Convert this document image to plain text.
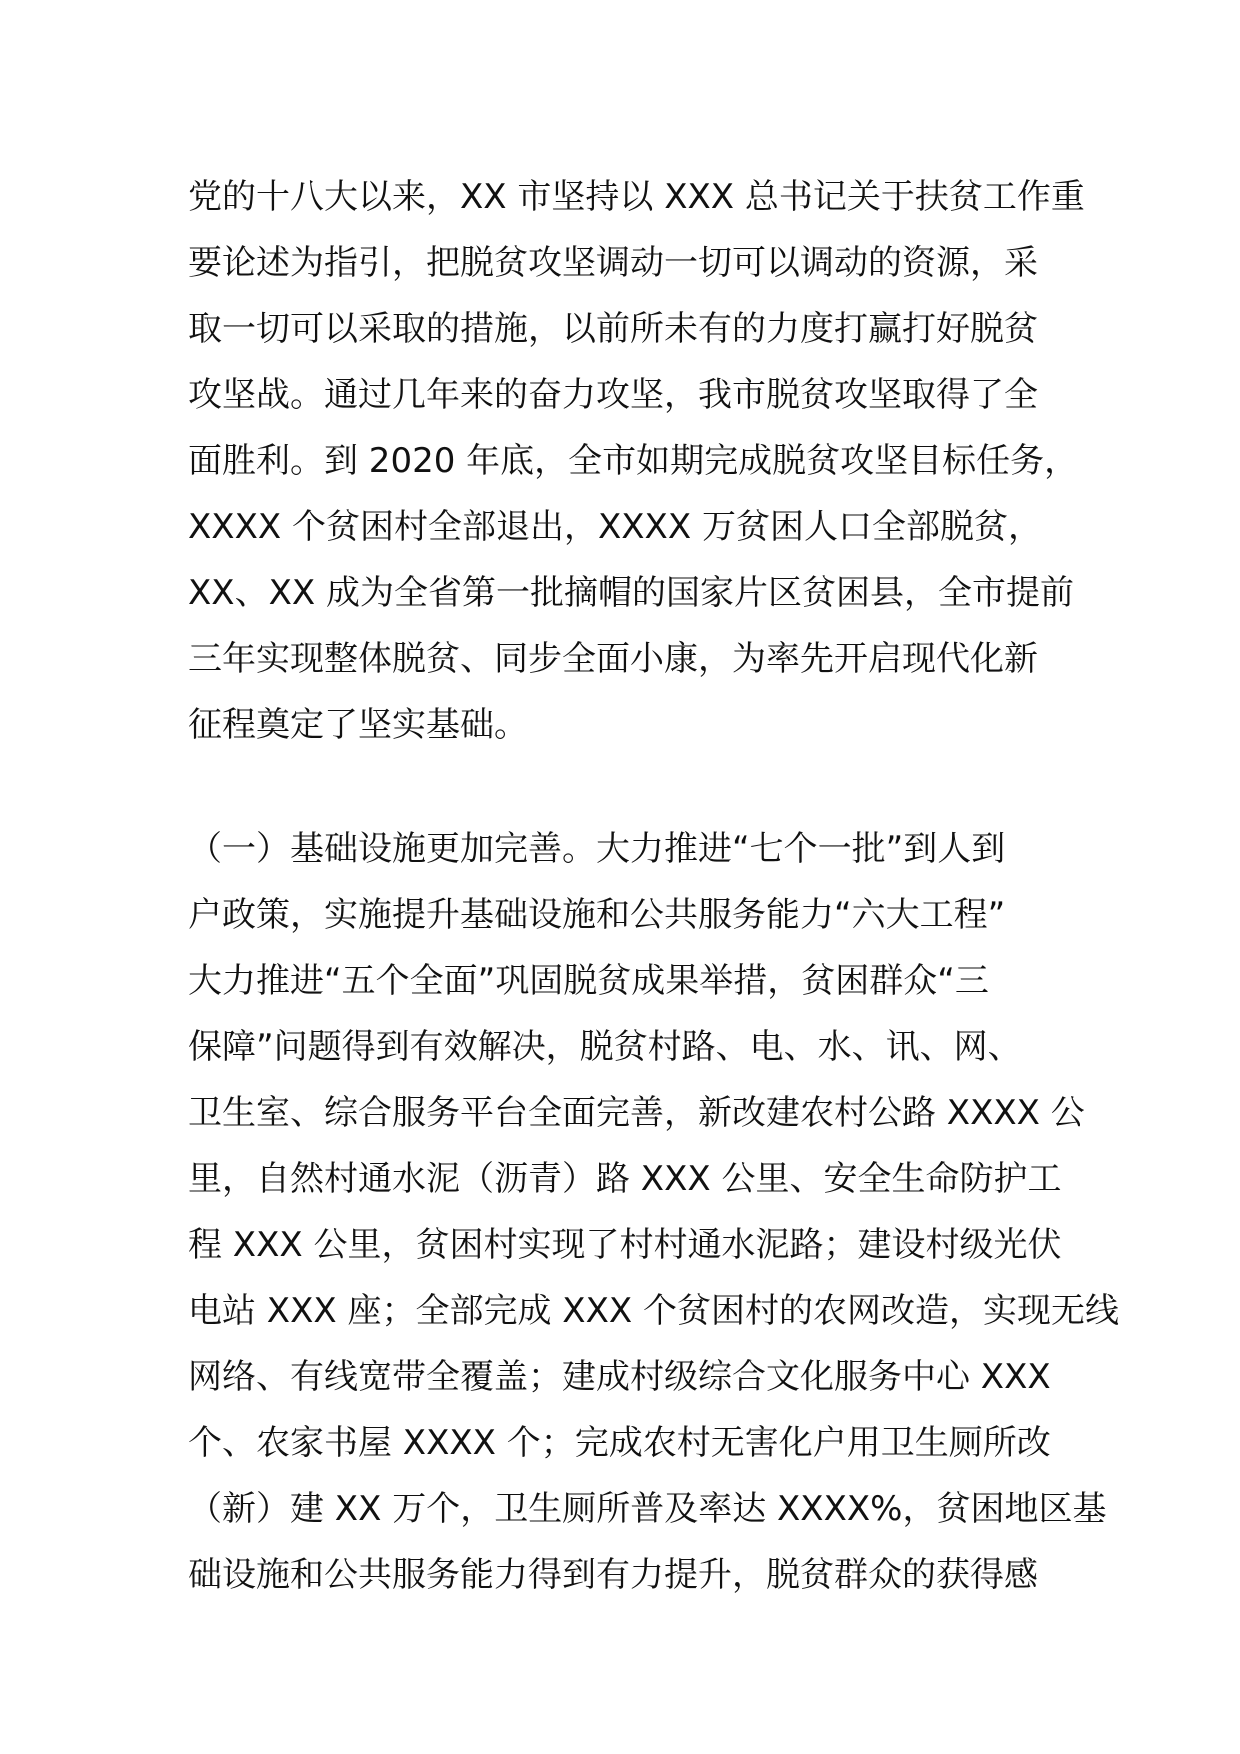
党的十八大以来，XX 市坚持以 XXX 总书记关于扶贫工作重
要论述为指引，把脱贫攻坚调动一切可以调动的资源，采
取一切可以采取的措施，以前所未有的力度打赢打好脱贫
攻坚战。通过几年来的奋力攻坚，我市脱贫攻坚取得了全
面胜利。到 2020 年底，全市如期完成脱贫攻坚目标任务，
XXXX 个贫困村全部退出，XXXX 万贫困人口全部脱贫，
XX、XX 成为全省第一批摘帽的国家片区贫困县，全市提前
三年实现整体脱贫、同步全面小康，为率先开启现代化新
征程奠定了坚实基础。
（一）基础设施更加完善。大力推进“七个一批”到人到
户政策，实施提升基础设施和公共服务能力“六大工程”
大力推进“五个全面”巩固脱贫成果举措，贫困群众“三
保障”问题得到有效解决，脱贫村路、电、水、讯、网、
卫生室、综合服务平台全面完善，新改建农村公路 XXXX 公
里，自然村通水泥（沥青）路 XXX 公里、安全生命防护工
程 XXX 公里，贫困村实现了村村通水泥路；建设村级光伏
电站 XXX 座；全部完成 XXX 个贫困村的农网改造，实现无线
网络、有线宽带全覆盖；建成村级综合文化服务中心 XXX
个、农家书屋 XXXX 个；完成农村无害化户用卫生厕所改
（新）建 XX 万个，卫生厕所普及率达 XXXX%，贫困地区基
础设施和公共服务能力得到有力提升，脱贫群众的获得感
